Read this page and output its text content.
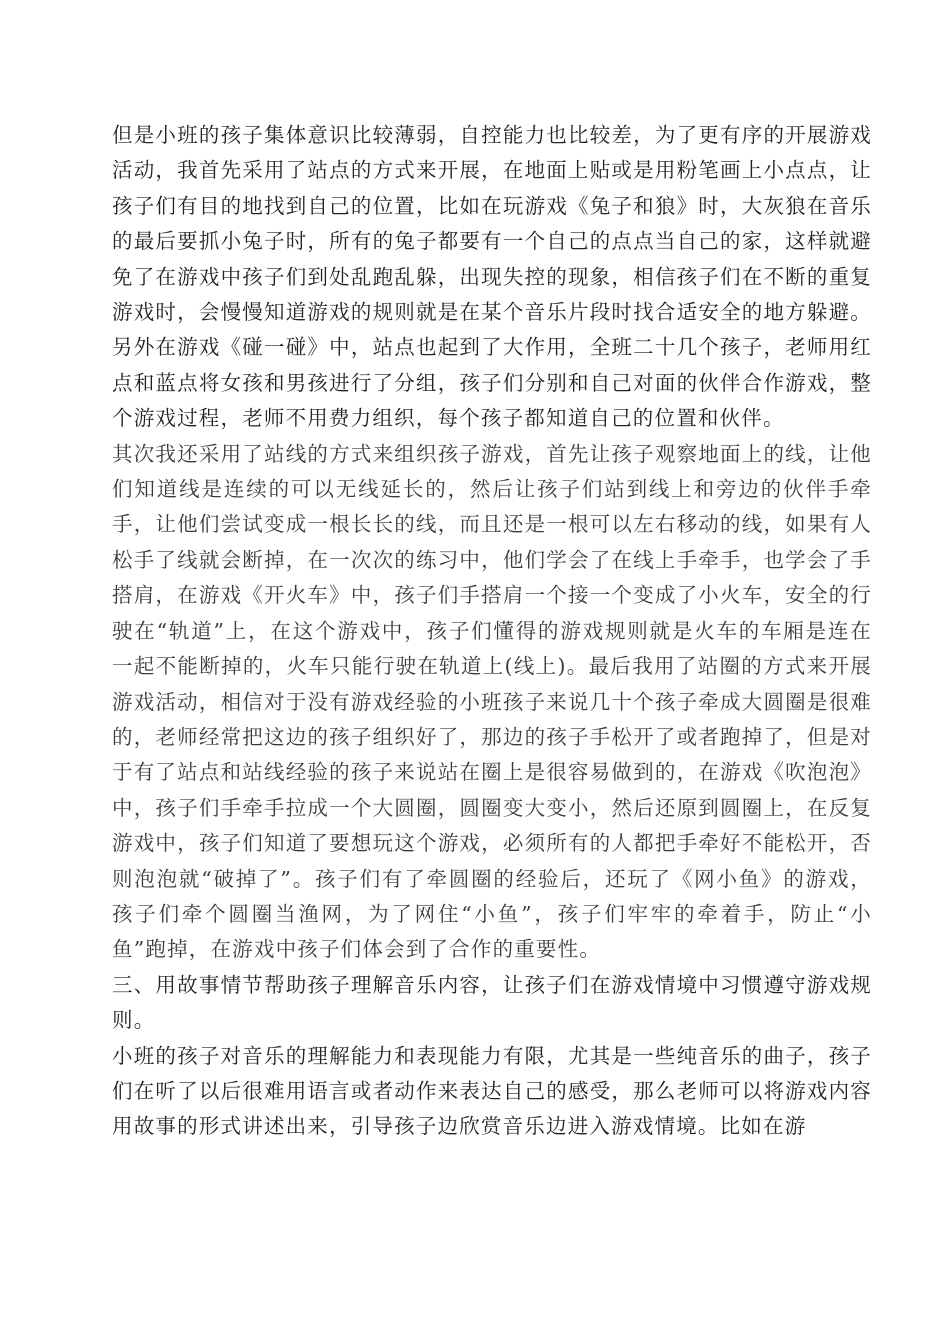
但是小班的孩子集体意识比较薄弱，自控能力也比较差，为了更有序的开展游戏活动，我首先采用了站点的方式来开展，在地面上贴或是用粉笔画上小点点，让孩子们有目的地找到自己的位置，比如在玩游戏《兔子和狼》时，大灰狼在音乐的最后要抓小兔子时，所有的兔子都要有一个自己的点点当自己的家，这样就避免了在游戏中孩子们到处乱跑乱躲，出现失控的现象，相信孩子们在不断的重复游戏时，会慢慢知道游戏的规则就是在某个音乐片段时找合适安全的地方躲避。另外在游戏《碰一碰》中，站点也起到了大作用，全班二十几个孩子，老师用红点和蓝点将女孩和男孩进行了分组，孩子们分别和自己对面的伙伴合作游戏，整个游戏过程，老师不用费力组织，每个孩子都知道自己的位置和伙伴。

其次我还采用了站线的方式来组织孩子游戏，首先让孩子观察地面上的线，让他们知道线是连续的可以无线延长的，然后让孩子们站到线上和旁边的伙伴手牵手，让他们尝试变成一根长长的线，而且还是一根可以左右移动的线，如果有人松手了线就会断掉，在一次次的练习中，他们学会了在线上手牵手，也学会了手搭肩，在游戏《开火车》中，孩子们手搭肩一个接一个变成了小火车，安全的行驶在“轨道”上，在这个游戏中，孩子们懂得的游戏规则就是火车的车厢是连在一起不能断掉的，火车只能行驶在轨道上(线上)。最后我用了站圈的方式来开展游戏活动，相信对于没有游戏经验的小班孩子来说几十个孩子牵成大圆圈是很难的，老师经常把这边的孩子组织好了，那边的孩子手松开了或者跑掉了，但是对于有了站点和站线经验的孩子来说站在圈上是很容易做到的，在游戏《吹泡泡》中，孩子们手牵手拉成一个大圆圈，圆圈变大变小，然后还原到圆圈上，在反复游戏中，孩子们知道了要想玩这个游戏，必须所有的人都把手牵好不能松开，否则泡泡就“破掉了”。孩子们有了牵圆圈的经验后，还玩了《网小鱼》的游戏，孩子们牵个圆圈当渔网，为了网住“小鱼”，孩子们牢牢的牵着手，防止“小鱼”跑掉，在游戏中孩子们体会到了合作的重要性。

三、用故事情节帮助孩子理解音乐内容，让孩子们在游戏情境中习惯遵守游戏规则。

小班的孩子对音乐的理解能力和表现能力有限，尤其是一些纯音乐的曲子，孩子们在听了以后很难用语言或者动作来表达自己的感受，那么老师可以将游戏内容用故事的形式讲述出来，引导孩子边欣赏音乐边进入游戏情境。比如在游
